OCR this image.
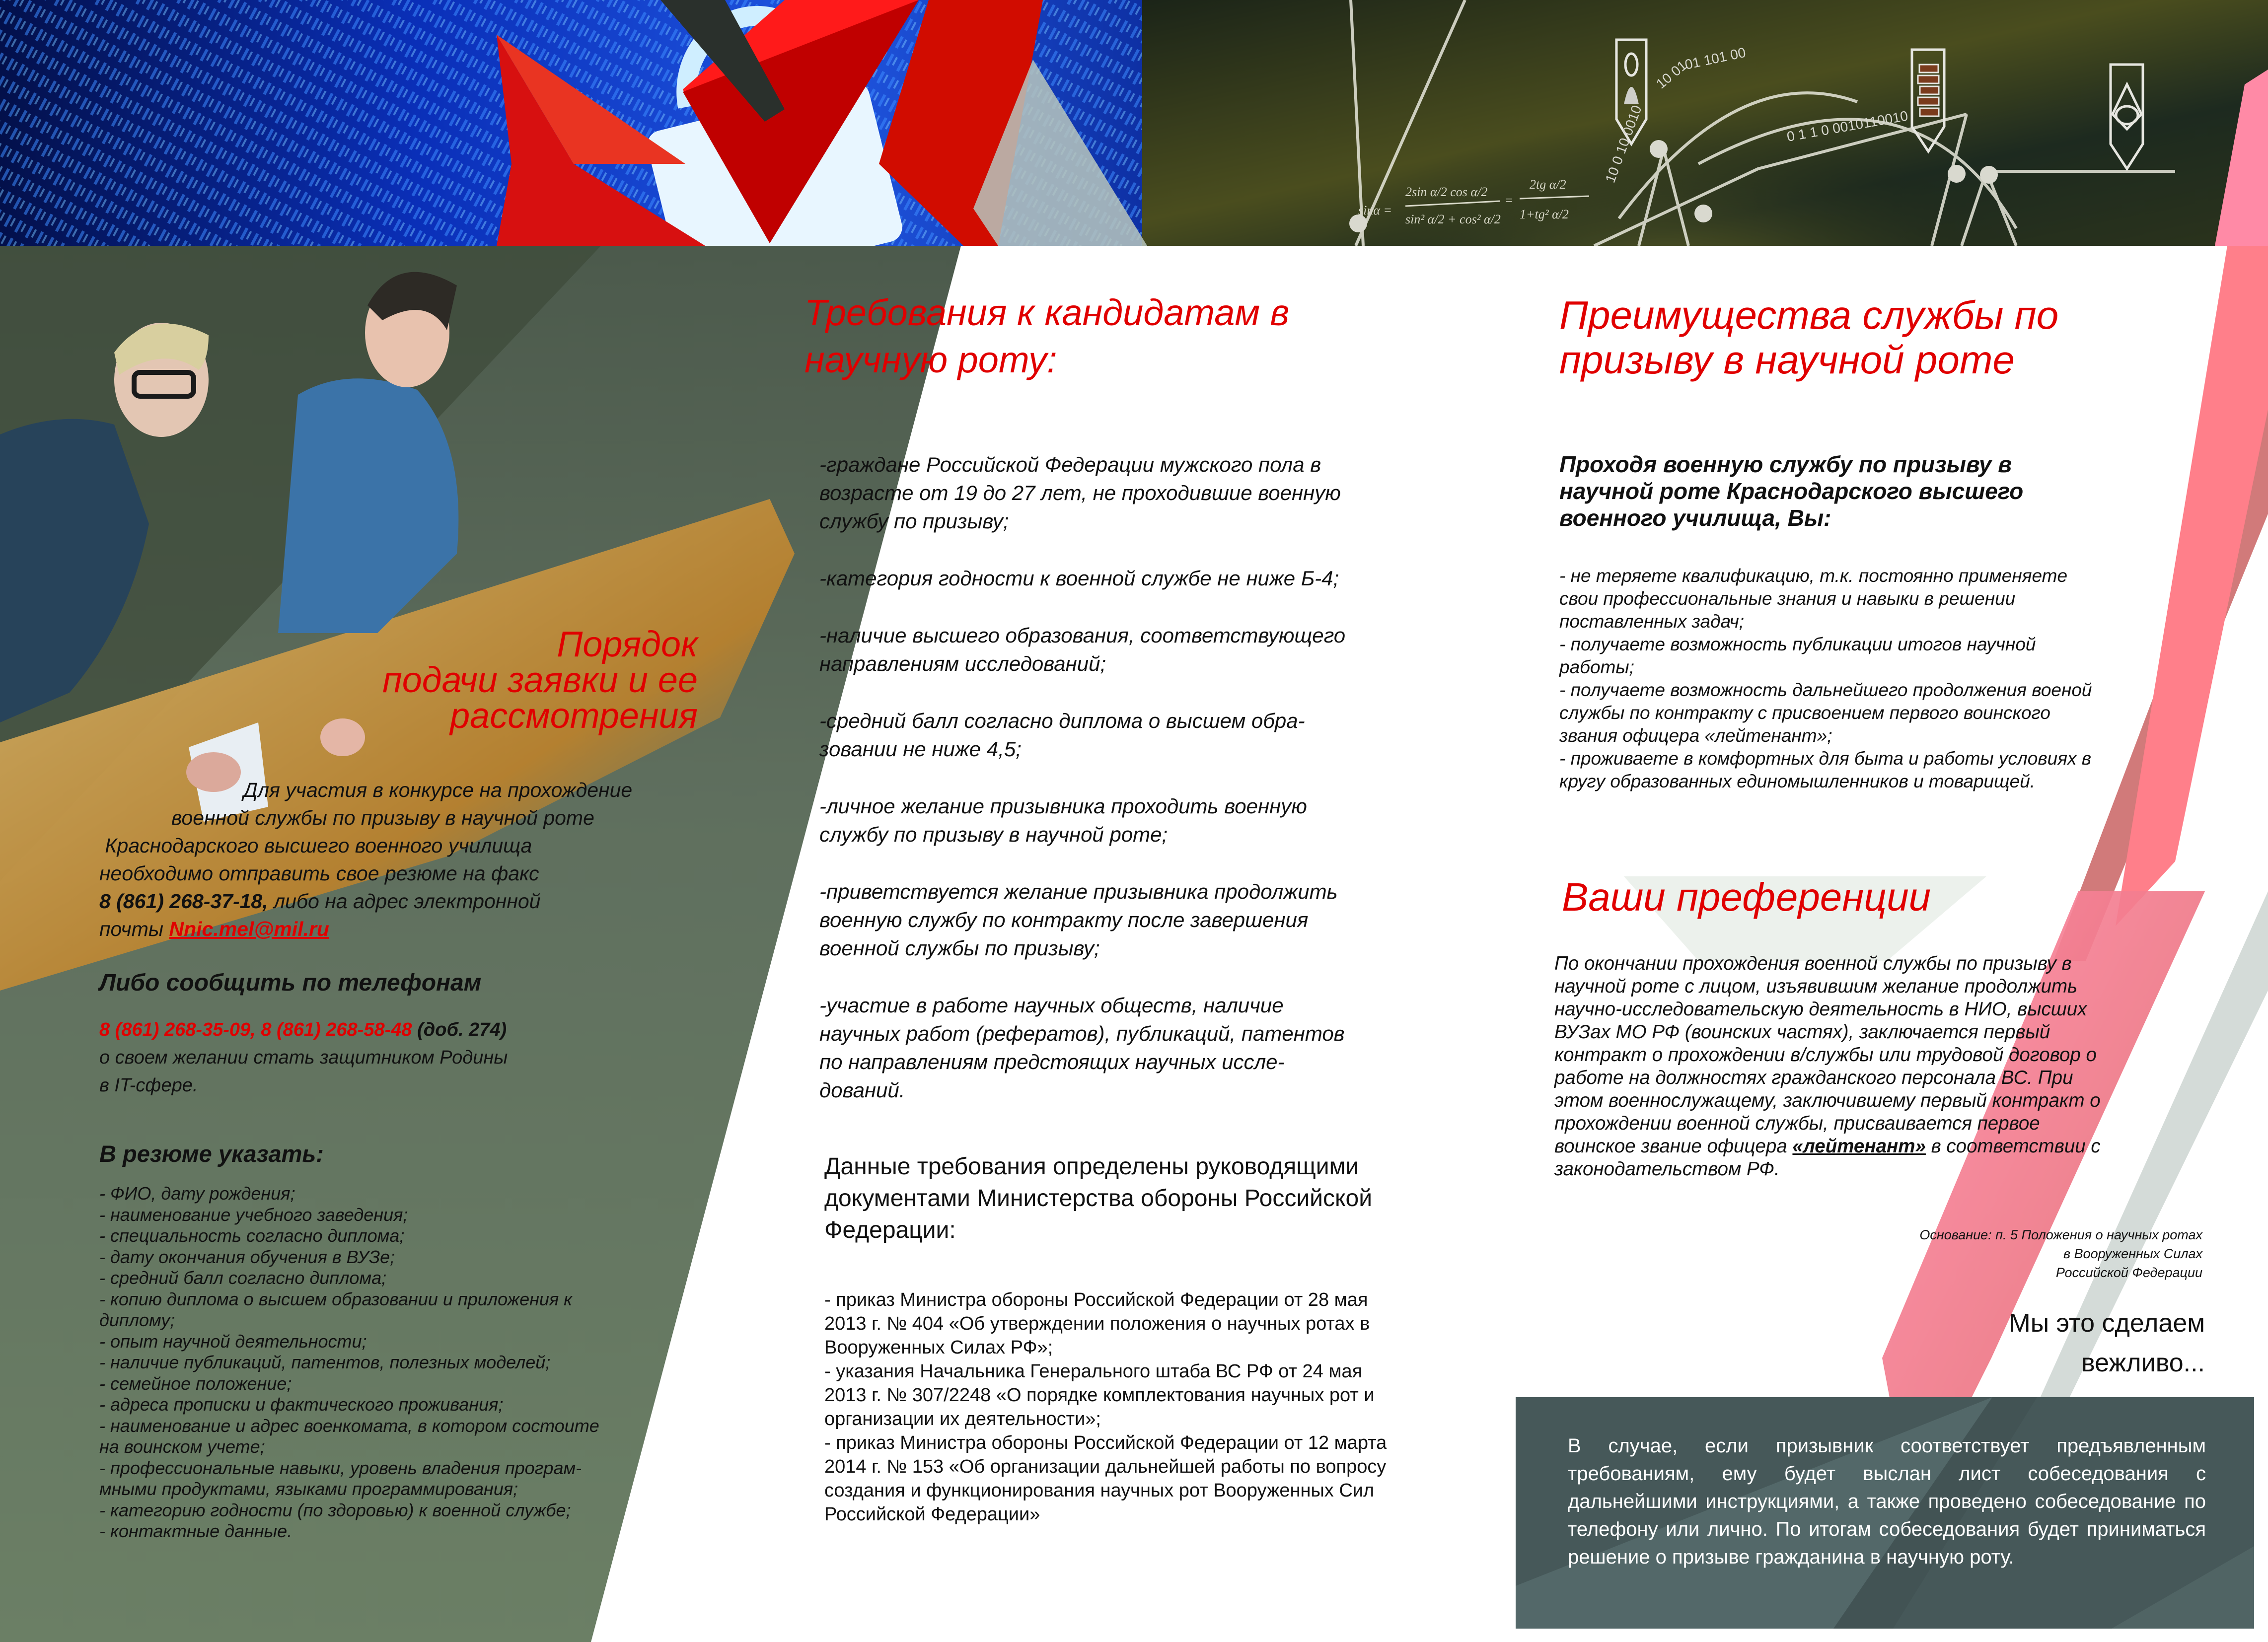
10 01
01 101 00
0 1 1 0 0010110010
10 0 10 0010
sinα =
2sin α/2 cos α/2
sin² α/2 + cos² α/2
=
2tg α/2
1+tg² α/2
Порядок
подачи заявки и ее
рассмотрения
Для участия в конкурсе на прохождение
военной службы по призыву в научной роте
Краснодарского высшего военного училища
необходимо отправить свое резюме на факс
8 (861) 268-37-18, либо на адрес электронной
почты Nnic.mel@mil.ru
Либо сообщить по телефонам
8 (861) 268-35-09, 8 (861) 268-58-48 (доб. 274)
о своем желании стать защитником Родины
в IT-сфере.
В резюме указать:
- ФИО, дату рождения;
- наименование учебного заведения;
- специальность согласно диплома;
- дату окончания обучения в ВУЗе;
- средний балл согласно диплома;
- копию диплома о высшем образовании и приложения к
диплому;
- опыт научной деятельности;
- наличие публикаций, патентов, полезных моделей;
- семейное положение;
- адреса прописки и фактического проживания;
- наименование и адрес военкомата, в котором состоите
на воинском учете;
- профессиональные навыки, уровень владения програм-
мными продуктами, языками программирования;
- категорию годности (по здоровью) к военной службе;
- контактные данные.
Требования к кандидатам в
научную роту:
-граждане Российской Федерации мужского пола в
возрасте от 19 до 27 лет, не проходившие военную
службу по призыву;
-категория годности к военной службе не ниже Б-4;
-наличие высшего образования, соответствующего
направлениям исследований;
-средний балл согласно диплома о высшем обра-
зовании не ниже 4,5;
-личное желание призывника проходить военную
службу по призыву в научной роте;
-приветствуется желание призывника продолжить
военную службу по контракту после завершения
военной службы по призыву;
-участие в работе научных обществ, наличие
научных работ (рефератов), публикаций, патентов
по направлениям предстоящих научных иссле-
дований.
Данные требования определены руководящими
документами Министерства обороны Российской
Федерации:
- приказ Министра обороны Российской Федерации от 28 мая
2013 г. № 404 «Об утверждении положения о научных ротах в
Вооруженных Силах РФ»;
- указания Начальника Генерального штаба ВС РФ от 24 мая
2013 г. № 307/2248 «О порядке комплектования научных рот и
организации их деятельности»;
- приказ Министра обороны Российской Федерации от 12 марта
2014 г. № 153 «Об организации дальнейшей работы по вопросу
создания и функционирования научных рот Вооруженных Сил
Российской Федерации»
Преимущества службы по
призыву в научной роте
Проходя военную службу по призыву в
научной роте Краснодарского высшего
военного училища, Вы:
- не теряете квалификацию, т.к. постоянно применяете
свои профессиональные знания и навыки в решении
поставленных задач;
- получаете возможность публикации итогов научной
работы;
- получаете возможность дальнейшего продолжения военой
службы по контракту с присвоением первого воинского
звания офицера «лейтенант»;
- проживаете в комфортных для быта и работы условиях в
кругу образованных единомышленников и товарищей.
Ваши преференции
По окончании прохождения военной службы по призыву в
научной роте с лицом, изъявившим желание продолжить
научно-исследовательскую деятельность в НИО, высших
ВУЗах МО РФ (воинских частях), заключается первый
контракт о прохождении в/службы или трудовой договор о
работе на должностях гражданского персонала ВС. При
этом военнослужащему, заключившему первый контракт о
прохождении военной службы, присваивается первое
воинское звание офицера «лейтенант» в соответствии с
законодательством РФ.
Основание: п. 5 Положения о научных ротах
в Вооруженных Силах
Российской Федерации
Мы это сделаем
вежливо...
В случае, если призывник соответствует предъявленным требованиям, ему будет выслан лист собеседования с дальнейшими инструкциями, а также проведено собеседование по телефону или лично. По итогам собеседования будет приниматься решение о призыве гражданина в научную роту.
